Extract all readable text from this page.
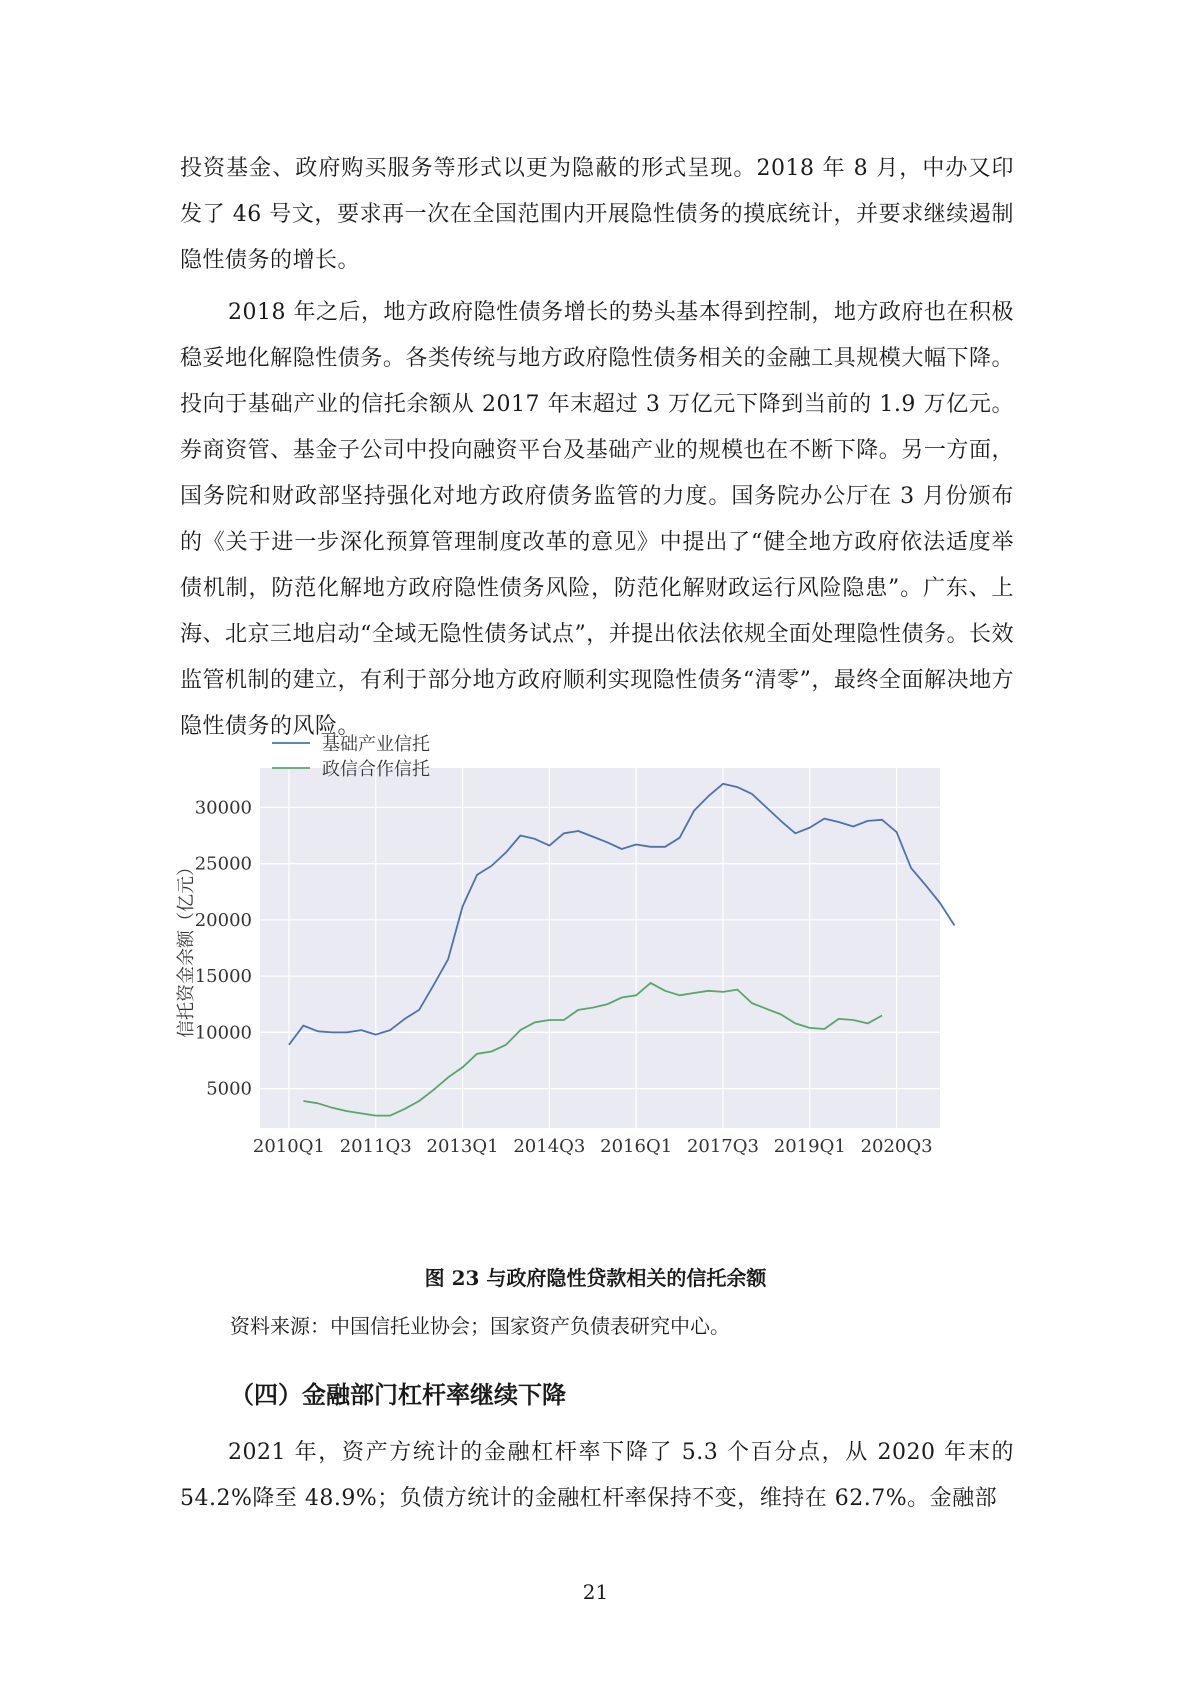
投资基金、政府购买服务等形式以更为隐蔽的形式呈现。2018 年 8 月，中办又印发了 46 号文，要求再一次在全国范围内开展隐性债务的摸底统计，并要求继续遏制隐性债务的增长。

2018 年之后，地方政府隐性债务增长的势头基本得到控制，地方政府也在积极稳妥地化解隐性债务。各类传统与地方政府隐性债务相关的金融工具规模大幅下降。投向于基础产业的信托余额从 2017 年末超过 3 万亿元下降到当前的 1.9 万亿元。券商资管、基金子公司中投向融资平台及基础产业的规模也在不断下降。另一方面，国务院和财政部坚持强化对地方政府债务监管的力度。国务院办公厅在 3 月份颁布的《关于进一步深化预算管理制度改革的意见》中提出了“健全地方政府依法适度举债机制，防范化解地方政府隐性债务风险，防范化解财政运行风险隐患”。广东、上海、北京三地启动“全域无隐性债务试点”，并提出依法依规全面处理隐性债务。长效监管机制的建立，有利于部分地方政府顺利实现隐性债务“清零”，最终全面解决地方隐性债务的风险。

5000
10000
15000
20000
25000
30000
2010Q1 2011Q3 2013Q1 2014Q3 2016Q1 2017Q3 2019Q1 2020Q3
基础产业信托
政信合作信托
信托资金余额（亿元）
图 23 与政府隐性贷款相关的信托余额
资料来源：中国信托业协会；国家资产负债表研究中心。
（四）金融部门杠杆率继续下降

2021 年，资产方统计的金融杠杆率下降了 5.3 个百分点，从 2020 年末的 54.2%降至 48.9%；负债方统计的金融杠杆率保持不变，维持在 62.7%。金融部

21
